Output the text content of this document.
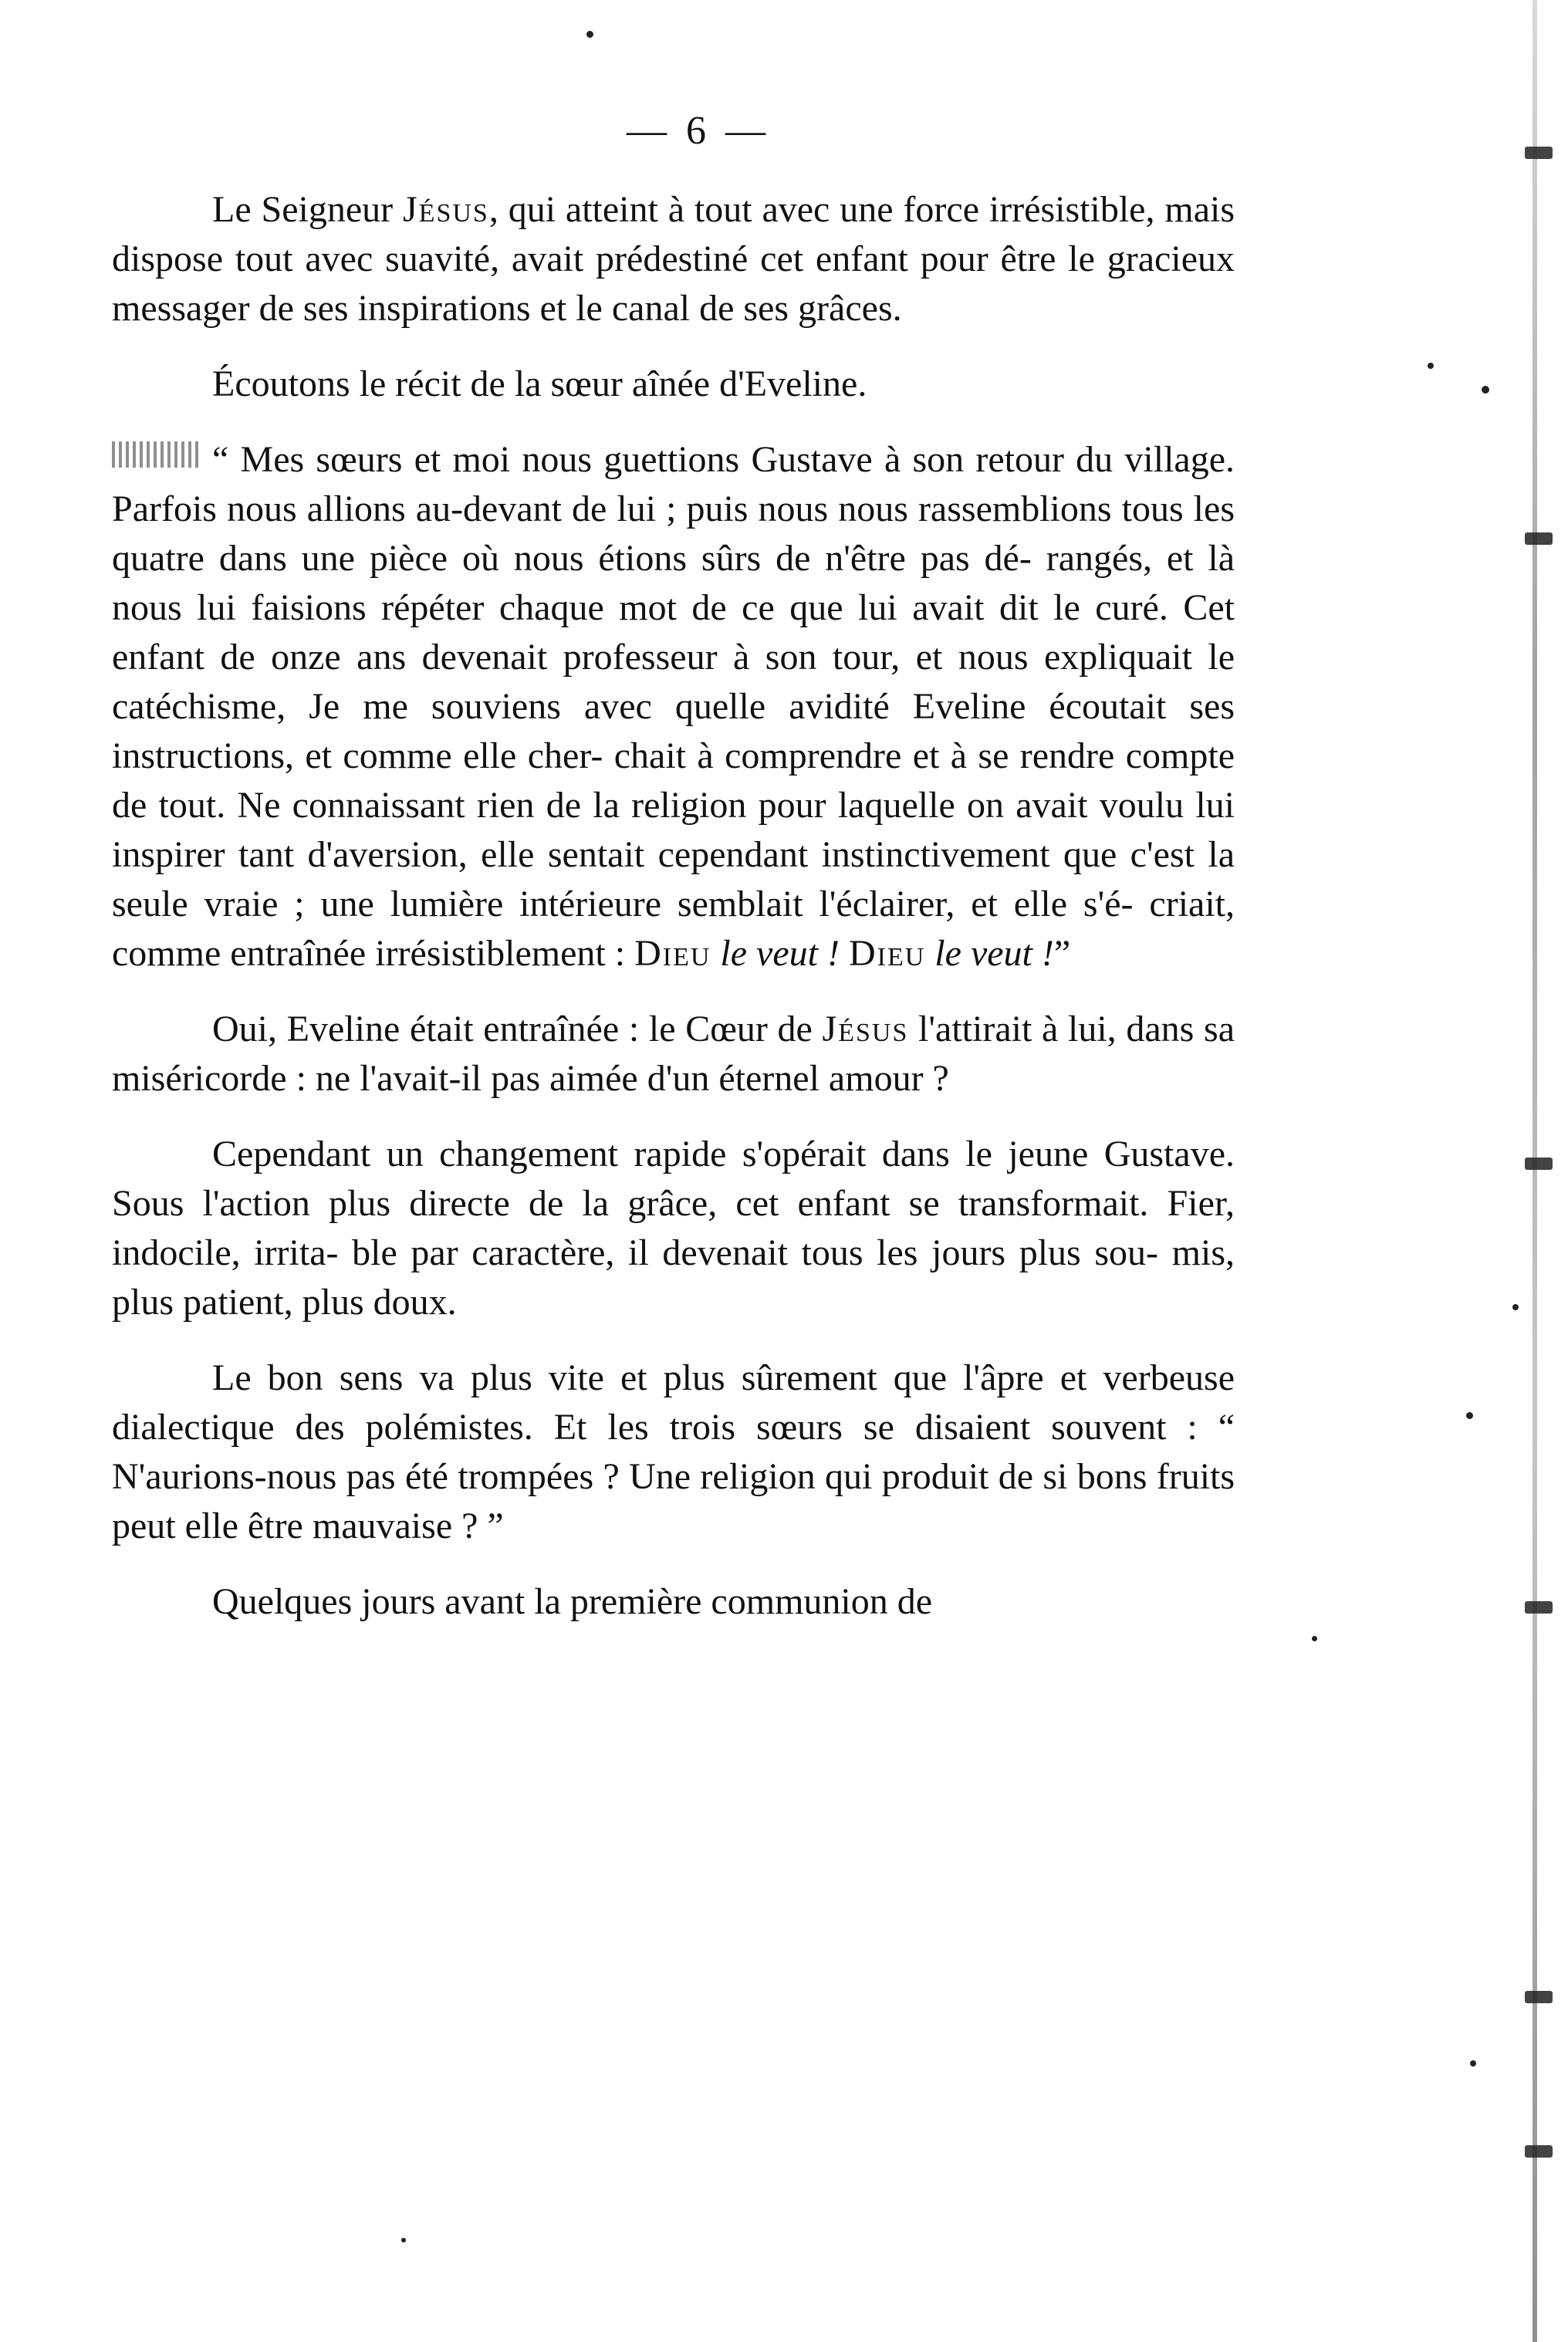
— 6 —

Le Seigneur Jésus, qui atteint à tout avec une force irrésistible, mais dispose tout avec suavité, avait prédestiné cet enfant pour être le gracieux messager de ses inspirations et le canal de ses grâces.

Écoutons le récit de la sœur aînée d'Eveline.

“ Mes sœurs et moi nous guettions Gustave à son retour du village. Parfois nous allions au-devant de lui ; puis nous nous rassemblions tous les quatre dans une pièce où nous étions sûrs de n'être pas dé- rangés, et là nous lui faisions répéter chaque mot de ce que lui avait dit le curé. Cet enfant de onze ans devenait professeur à son tour, et nous expliquait le catéchisme, Je me souviens avec quelle avidité Eveline écoutait ses instructions, et comme elle cher- chait à comprendre et à se rendre compte de tout. Ne connaissant rien de la religion pour laquelle on avait voulu lui inspirer tant d'aversion, elle sentait cependant instinctivement que c'est la seule vraie ; une lumière intérieure semblait l'éclairer, et elle s'é- criait, comme entraînée irrésistiblement : Dieu le veut ! Dieu le veut !”

Oui, Eveline était entraînée : le Cœur de Jésus l'attirait à lui, dans sa miséricorde : ne l'avait-il pas aimée d'un éternel amour ?

Cependant un changement rapide s'opérait dans le jeune Gustave. Sous l'action plus directe de la grâce, cet enfant se transformait. Fier, indocile, irrita- ble par caractère, il devenait tous les jours plus sou- mis, plus patient, plus doux.

Le bon sens va plus vite et plus sûrement que l'âpre et verbeuse dialectique des polémistes. Et les trois sœurs se disaient souvent : “ N'aurions-nous pas été trompées ? Une religion qui produit de si bons fruits peut elle être mauvaise ? ”

Quelques jours avant la première communion de
